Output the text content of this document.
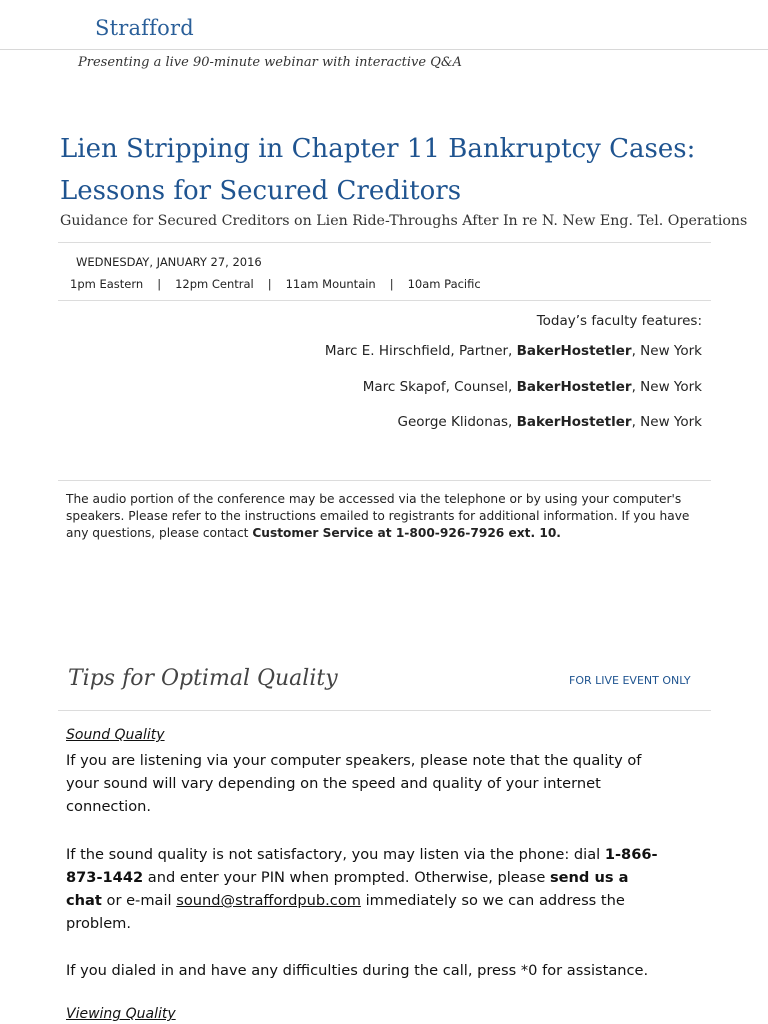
Strafford
Presenting a live 90-minute webinar with interactive Q&A
Lien Stripping in Chapter 11 Bankruptcy Cases:
Lessons for Secured Creditors
Guidance for Secured Creditors on Lien Ride-Throughs After In re N. New Eng. Tel. Operations
WEDNESDAY, JANUARY 27, 2016
1pm Eastern | 12pm Central | 11am Mountain | 10am Pacific
Today’s faculty features:
Marc E. Hirschfield, Partner, BakerHostetler, New York
Marc Skapof, Counsel, BakerHostetler, New York
George Klidonas, BakerHostetler, New York
The audio portion of the conference may be accessed via the telephone or by using your computer's speakers. Please refer to the instructions emailed to registrants for additional information. If you have any questions, please contact Customer Service at 1-800-926-7926 ext. 10.
Tips for Optimal Quality	FOR LIVE EVENT ONLY
Sound Quality
If you are listening via your computer speakers, please note that the quality of your sound will vary depending on the speed and quality of your internet connection.
If the sound quality is not satisfactory, you may listen via the phone: dial 1-866-873-1442 and enter your PIN when prompted. Otherwise, please send us a chat or e-mail sound@straffordpub.com immediately so we can address the problem.
If you dialed in and have any difficulties during the call, press *0 for assistance.
Viewing Quality
